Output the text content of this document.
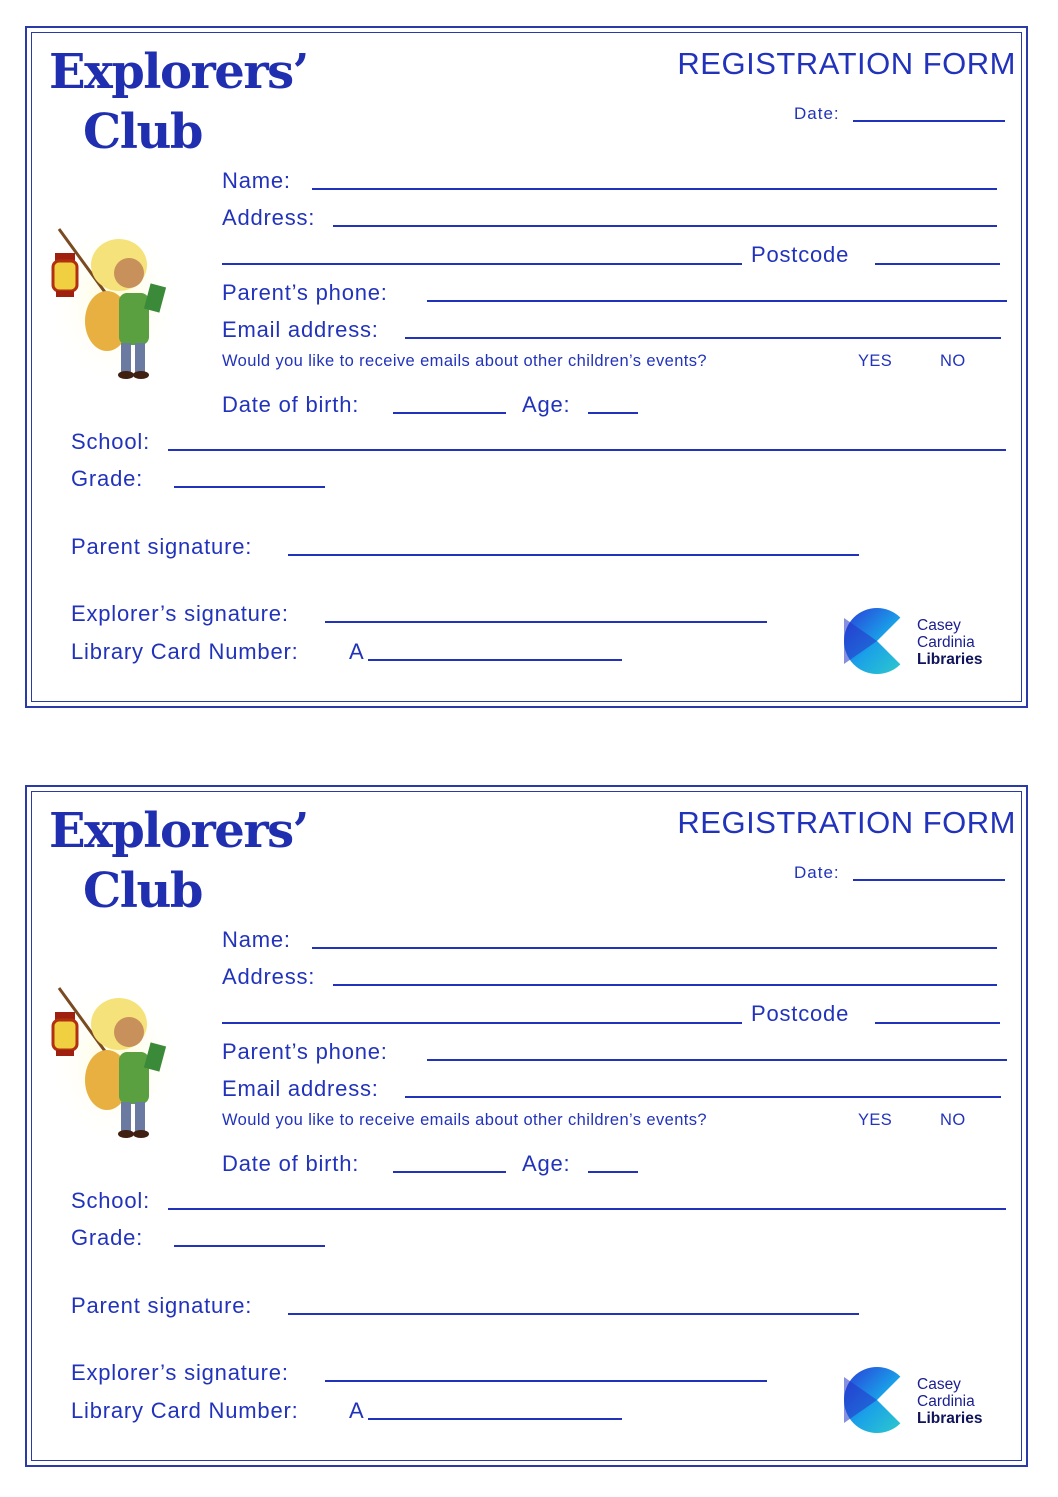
Explorers’
Club
REGISTRATION FORM
Date:
Name:
Address:
Postcode
Parent’s phone:
Email address:
Would you like to receive emails about other children’s events?	YES	NO
Date of birth:	Age:
School:
Grade:
Parent signature:
Explorer’s signature:
Library Card Number: A
Casey
Cardinia
Libraries
Explorers’
Club
REGISTRATION FORM
Date:
Name:
Address:
Postcode
Parent’s phone:
Email address:
Would you like to receive emails about other children’s events?	YES	NO
Date of birth:	Age:
School:
Grade:
Parent signature:
Explorer’s signature:
Library Card Number: A
Casey
Cardinia
Libraries
